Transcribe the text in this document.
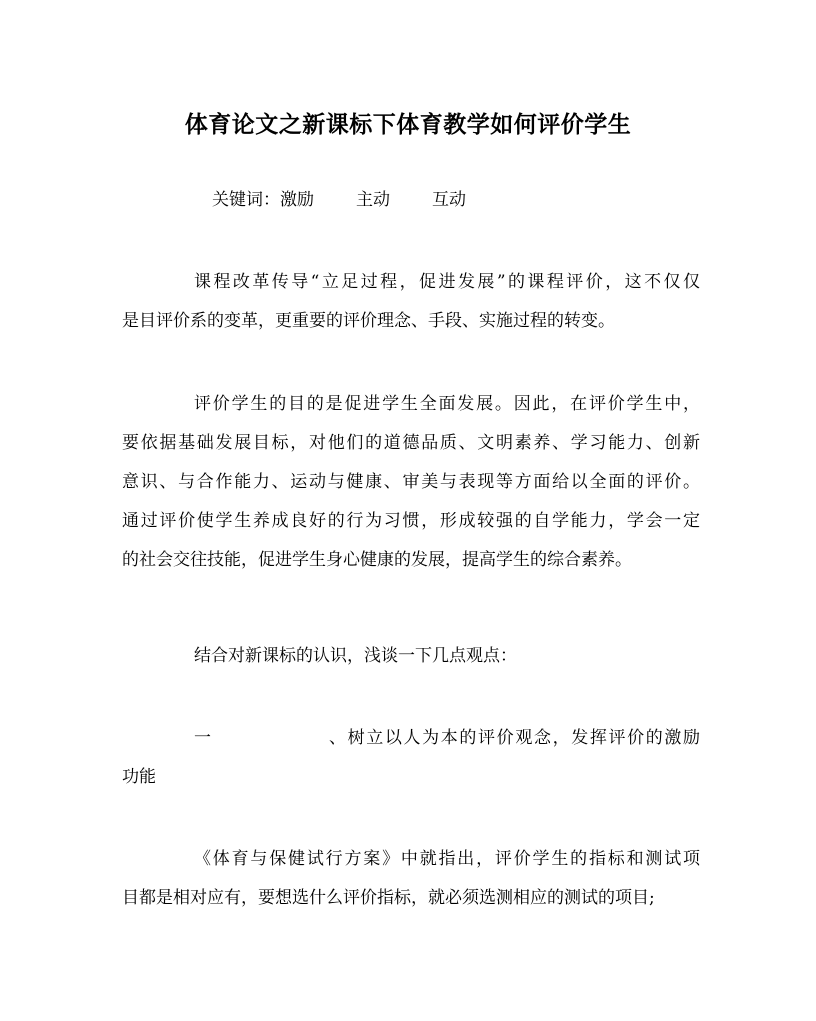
体育论文之新课标下体育教学如何评价学生
关键词：激励 主动 互动
课程改革传导“立足过程，促进发展”的课程评价，这不仅仅
是目评价系的变革，更重要的评价理念、手段、实施过程的转变。
评价学生的目的是促进学生全面发展。因此，在评价学生中，
要依据基础发展目标，对他们的道德品质、文明素养、学习能力、创新
意识、与合作能力、运动与健康、审美与表现等方面给以全面的评价。
通过评价使学生养成良好的行为习惯，形成较强的自学能力，学会一定
的社会交往技能，促进学生身心健康的发展，提高学生的综合素养。
结合对新课标的认识，浅谈一下几点观点：
一、树立以人为本的评价观念，发挥评价的激励
功能
《体育与保健试行方案》中就指出，评价学生的指标和测试项
目都是相对应有，要想选什么评价指标，就必须选测相应的测试的项目;
